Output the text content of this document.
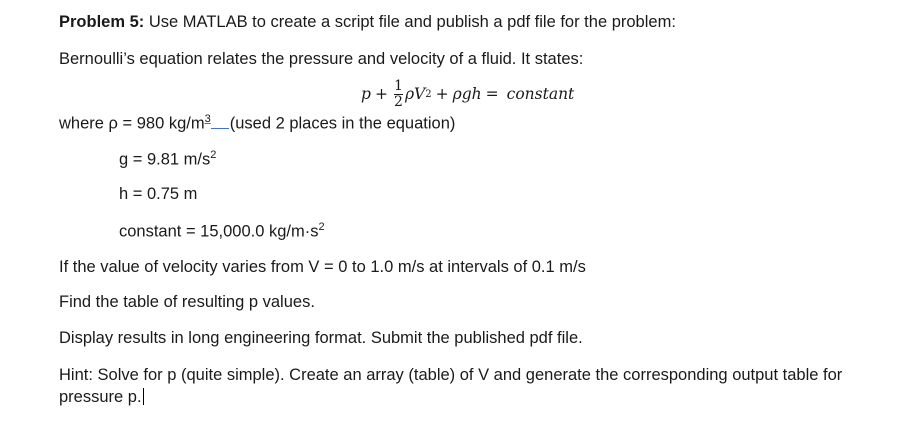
Problem 5: Use MATLAB to create a script file and publish a pdf file for the problem:
Bernoulli’s equation relates the pressure and velocity of a fluid. It states:
$p + \frac{1}{2}$ ρV 2 + ρgh = constant
where ρ = 980 $kg/m^3$ (used 2 places in the equation)
g = 9.81 $m/s^2$
h = 0.75 m
constant = 15,000.0 $kg/m\cdot s^2$
If the value of velocity varies from V = 0 to 1.0 m/s at intervals of 0.1 m/s
Find the table of resulting p values.
Display results in long engineering format. Submit the published pdf file.
Hint: Solve for p (quite simple). Create an array (table) of V and generate the corresponding output table for pressure p.
